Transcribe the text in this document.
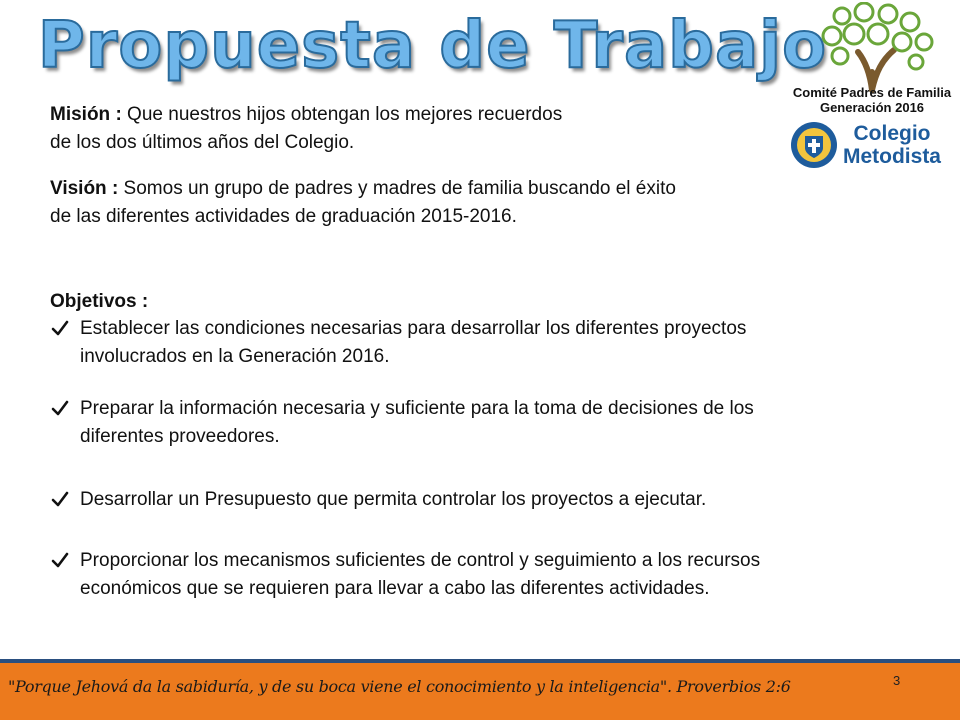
Propuesta de Trabajo
Comité Padres de Familia
Generación 2016
Colegio
Metodista
Misión : Que nuestros hijos obtengan los mejores recuerdos de los dos últimos años del Colegio.
Visión : Somos un grupo de padres y madres de familia buscando el éxito de las diferentes actividades de graduación 2015-2016.
Objetivos :
Establecer las condiciones necesarias para desarrollar los diferentes proyectos involucrados en la Generación 2016.
Preparar la información necesaria y suficiente para la toma de decisiones de los diferentes proveedores.
Desarrollar un Presupuesto que permita controlar los proyectos a ejecutar.
Proporcionar los mecanismos suficientes de control y seguimiento a los recursos económicos que se requieren para llevar a cabo las diferentes actividades.
"Porque Jehová da la sabiduría, y de su boca viene el conocimiento y la inteligencia". Proverbios 2:6	3
